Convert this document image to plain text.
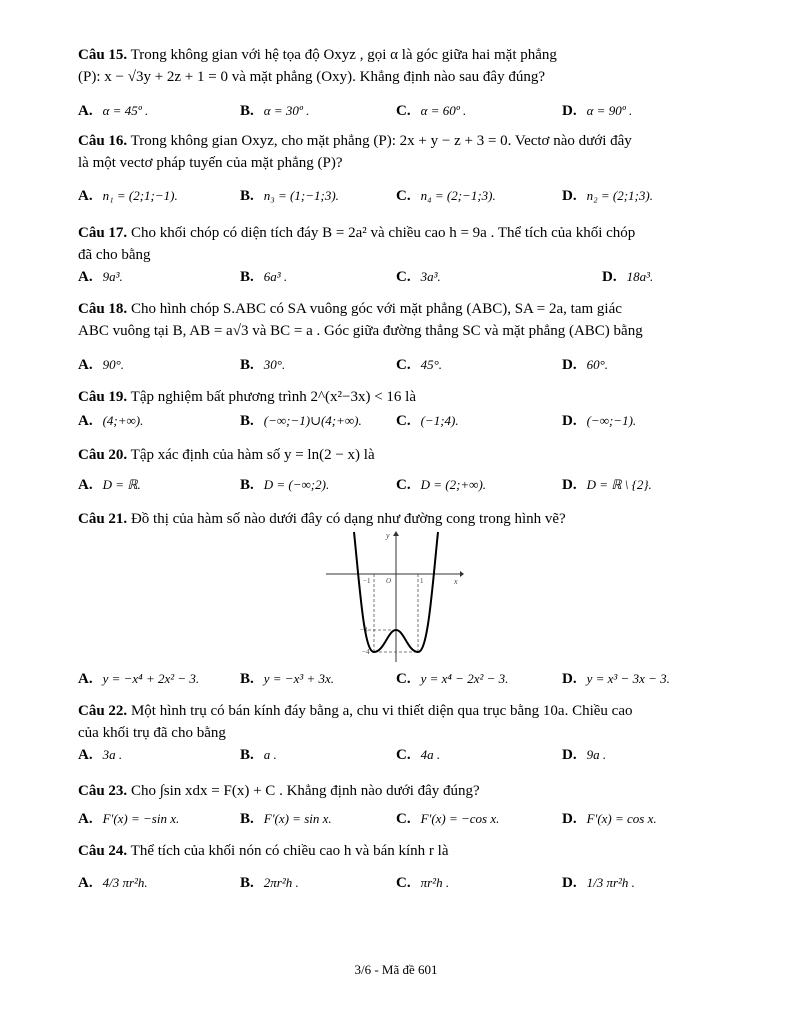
Câu 15. Trong không gian với hệ tọa độ Oxyz , gọi α là góc giữa hai mặt phẳng
(P): x − √3y + 2z + 1 = 0 và mặt phẳng (Oxy). Khẳng định nào sau đây đúng?
A. α = 45º .	B. α = 30º .	C. α = 60º .	D. α = 90º .
Câu 16. Trong không gian Oxyz, cho mặt phẳng (P): 2x + y − z + 3 = 0. Vectơ nào dưới đây
là một vectơ pháp tuyến của mặt phẳng (P)?
A. n₁ = (2;1;−1).	B. n₃ = (1;−1;3).	C. n₄ = (2;−1;3).	D. n₂ = (2;1;3).
Câu 17. Cho khối chóp có diện tích đáy B = 2a² và chiều cao h = 9a . Thể tích của khối chóp
đã cho bằng
A. 9a³.	B. 6a³ .	C. 3a³.	D. 18a³.
Câu 18. Cho hình chóp S.ABC có SA vuông góc với mặt phẳng (ABC), SA = 2a, tam giác
ABC vuông tại B, AB = a√3 và BC = a . Góc giữa đường thẳng SC và mặt phẳng (ABC) bằng
A. 90°.	B. 30°.	C. 45°.	D. 60°.
Câu 19. Tập nghiệm bất phương trình 2^(x²−3x) < 16 là
A. (4;+∞).	B. (−∞;−1)∪(4;+∞). C. (−1;4).	D. (−∞;−1).
Câu 20. Tập xác định của hàm số y = ln(2 − x) là
A. D = ℝ.	B. D = (−∞;2).	C. D = (2;+∞).	D. D = ℝ \ {2}.
Câu 21. Đồ thị của hàm số nào dưới đây có dạng như đường cong trong hình vẽ?
y
x
O
−1	1
−3
−4
A. y = −x⁴ + 2x² − 3.	B. y = −x³ + 3x.	C. y = x⁴ − 2x² − 3.	D. y = x³ − 3x − 3.
Câu 22. Một hình trụ có bán kính đáy bằng a, chu vi thiết diện qua trục bằng 10a. Chiều cao
của khối trụ đã cho bằng
A. 3a .	B. a .	C. 4a .	D. 9a .
Câu 23. Cho ∫sin xdx = F(x) + C . Khẳng định nào dưới đây đúng?
A. F'(x) = −sin x.	B. F'(x) = sin x.	C. F'(x) = −cos x.	D. F'(x) = cos x.
Câu 24. Thể tích của khối nón có chiều cao h và bán kính r là
A. 4/3 πr²h.	B. 2πr²h .	C. πr²h .	D. 1/3 πr²h .
3/6 - Mã đề 601
